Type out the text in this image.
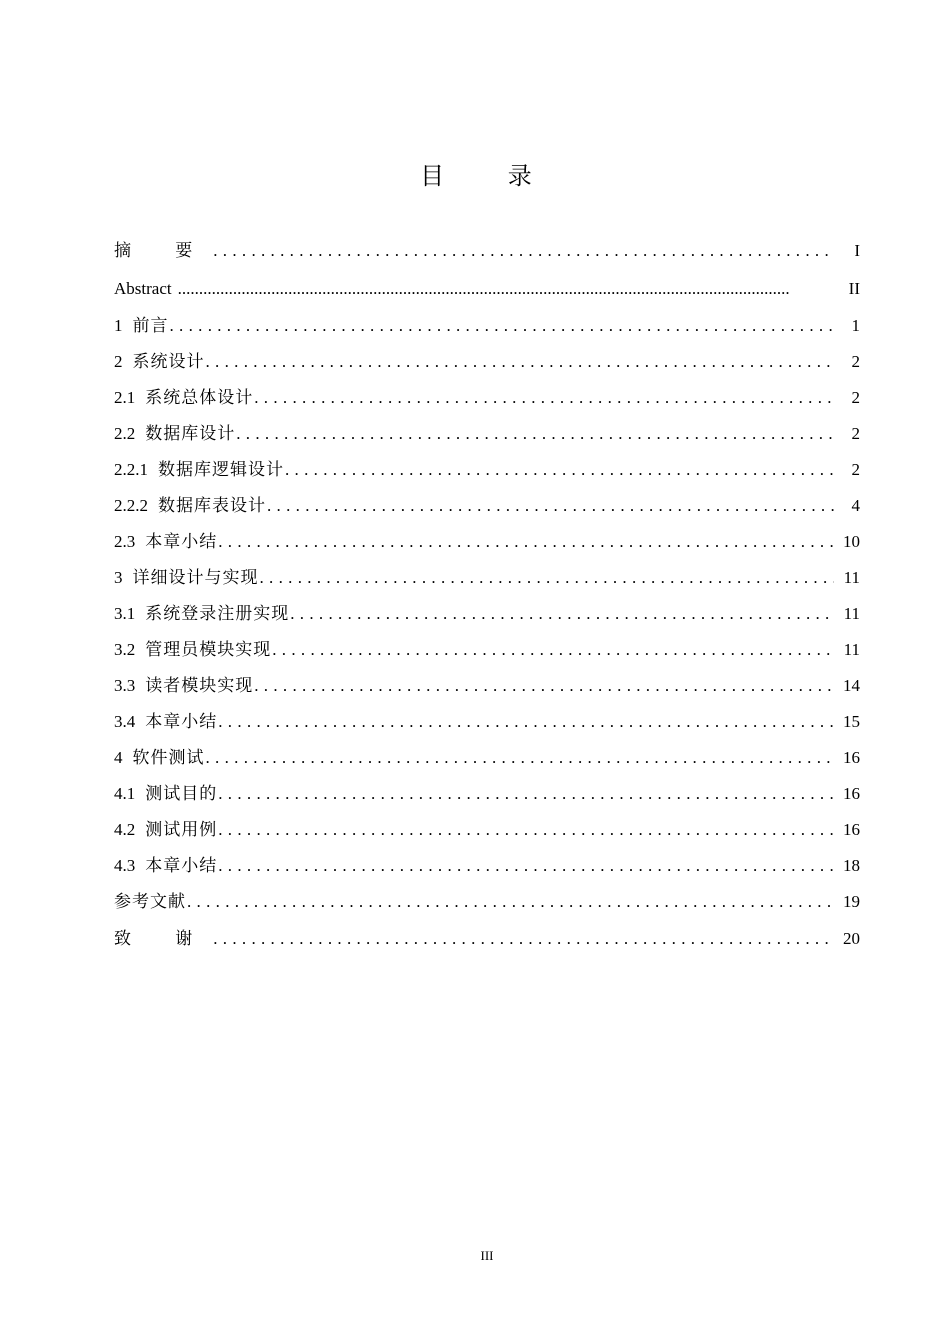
目 录
摘 要 .....	I
Abstract .....	II
1 前言 .....	1
2 系统设计 .....	2
2.1 系统总体设计 .....	2
2.2 数据库设计 .....	2
2.2.1 数据库逻辑设计 .....	2
2.2.2 数据库表设计 .....	4
2.3 本章小结 .....	10
3 详细设计与实现 .....	11
3.1 系统登录注册实现 .....	11
3.2 管理员模块实现 .....	11
3.3 读者模块实现 .....	14
3.4 本章小结 .....	15
4 软件测试 .....	16
4.1 测试目的 .....	16
4.2 测试用例 .....	16
4.3 本章小结 .....	18
参考文献 .....	19
致 谢 .....	20
III
